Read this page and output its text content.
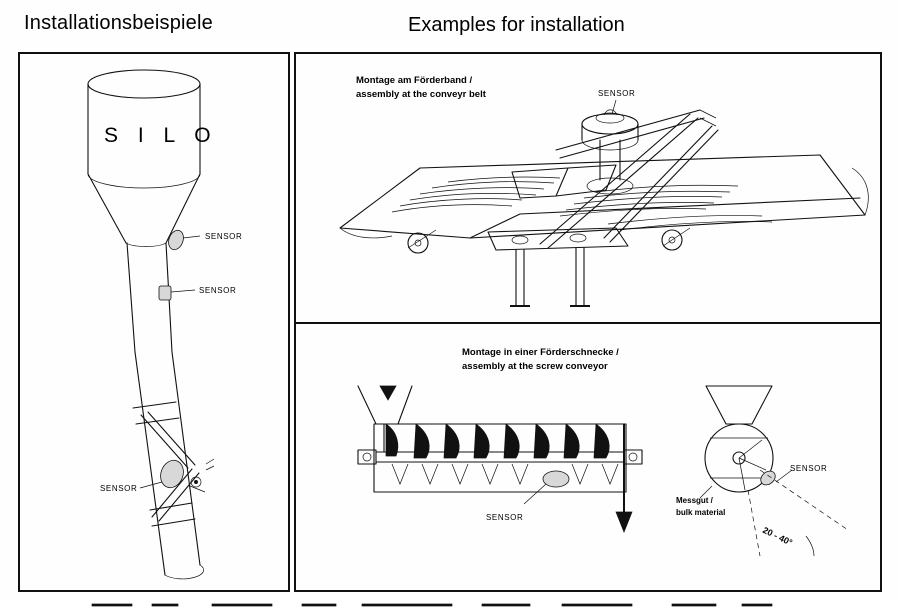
Installationsbeispiele	Examples for installation
S I L O
SENSOR
SENSOR
SENSOR
Montage am Förderband /
assembly at the conveyr belt	SENSOR
Montage in einer Förderschnecke /
assembly at the screw conveyor
SENSOR
SENSOR
Messgut /
bulk material
20 - 40°
